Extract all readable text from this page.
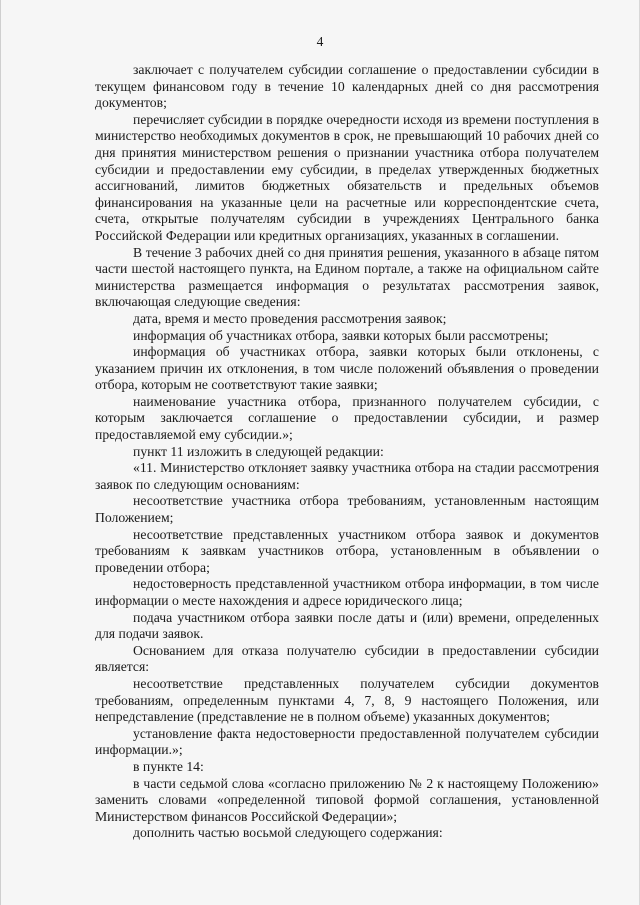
4

заключает с получателем субсидии соглашение о предоставлении субсидии в текущем финансовом году в течение 10 календарных дней со дня рассмотрения документов;

перечисляет субсидии в порядке очередности исходя из времени поступления в министерство необходимых документов в срок, не превышающий 10 рабочих дней со дня принятия министерством решения о признании участника отбора получателем субсидии и предоставлении ему субсидии, в пределах утвержденных бюджетных ассигнований, лимитов бюджетных обязательств и предельных объемов финансирования на указанные цели на расчетные или корреспондентские счета, счета, открытые получателям субсидии в учреждениях Центрального банка Российской Федерации или кредитных организациях, указанных в соглашении.

В течение 3 рабочих дней со дня принятия решения, указанного в абзаце пятом части шестой настоящего пункта, на Едином портале, а также на официальном сайте министерства размещается информация о результатах рассмотрения заявок, включающая следующие сведения:

дата, время и место проведения рассмотрения заявок;

информация об участниках отбора, заявки которых были рассмотрены;

информация об участниках отбора, заявки которых были отклонены, с указанием причин их отклонения, в том числе положений объявления о проведении отбора, которым не соответствуют такие заявки;

наименование участника отбора, признанного получателем субсидии, с которым заключается соглашение о предоставлении субсидии, и размер предоставляемой ему субсидии.»;

пункт 11 изложить в следующей редакции:

«11. Министерство отклоняет заявку участника отбора на стадии рассмотрения заявок по следующим основаниям:

несоответствие участника отбора требованиям, установленным настоящим Положением;

несоответствие представленных участником отбора заявок и документов требованиям к заявкам участников отбора, установленным в объявлении о проведении отбора;

недостоверность представленной участником отбора информации, в том числе информации о месте нахождения и адресе юридического лица;

подача участником отбора заявки после даты и (или) времени, определенных для подачи заявок.

Основанием для отказа получателю субсидии в предоставлении субсидии является:

несоответствие представленных получателем субсидии документов требованиям, определенным пунктами 4, 7, 8, 9 настоящего Положения, или непредставление (представление не в полном объеме) указанных документов;

установление факта недостоверности предоставленной получателем субсидии информации.»;

в пункте 14:

в части седьмой слова «согласно приложению № 2 к настоящему Положению» заменить словами «определенной типовой формой соглашения, установленной Министерством финансов Российской Федерации»;

дополнить частью восьмой следующего содержания:
